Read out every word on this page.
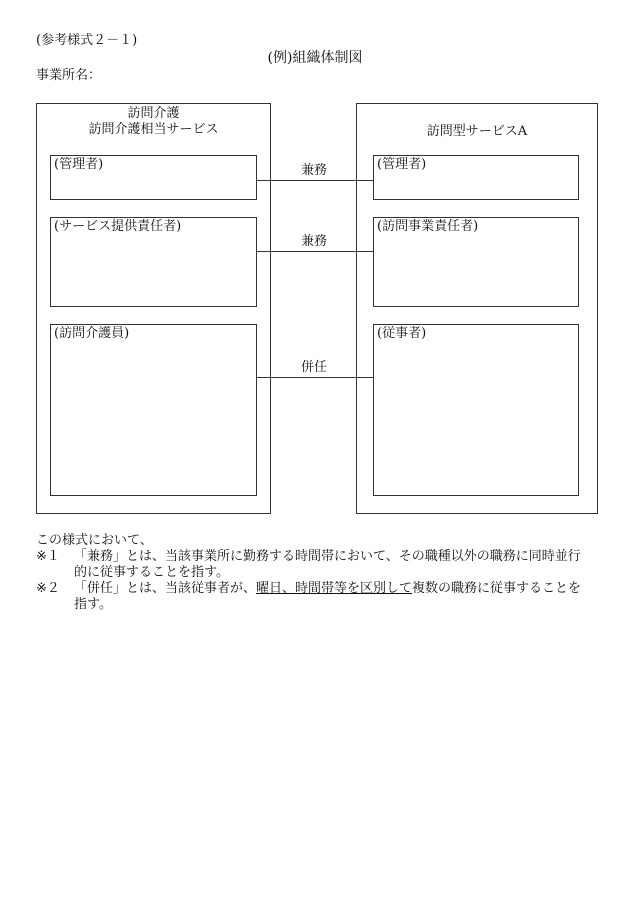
(参考様式２－１)
(例)組織体制図
事業所名：
訪問介護
訪問介護相当サービス
(管理者)
(サービス提供責任者)
(訪問介護員)
訪問型サービスA
(管理者)
(訪問事業責任者)
(従事者)
兼務
兼務
併任

この様式において、

※１ 「兼務」とは、当該事業所に勤務する時間帯において、その職種以外の職務に同時並行
的に従事することを指す。
※２ 「併任」とは、当該従事者が、曜日、時間帯等を区別して複数の職務に従事することを
指す。
